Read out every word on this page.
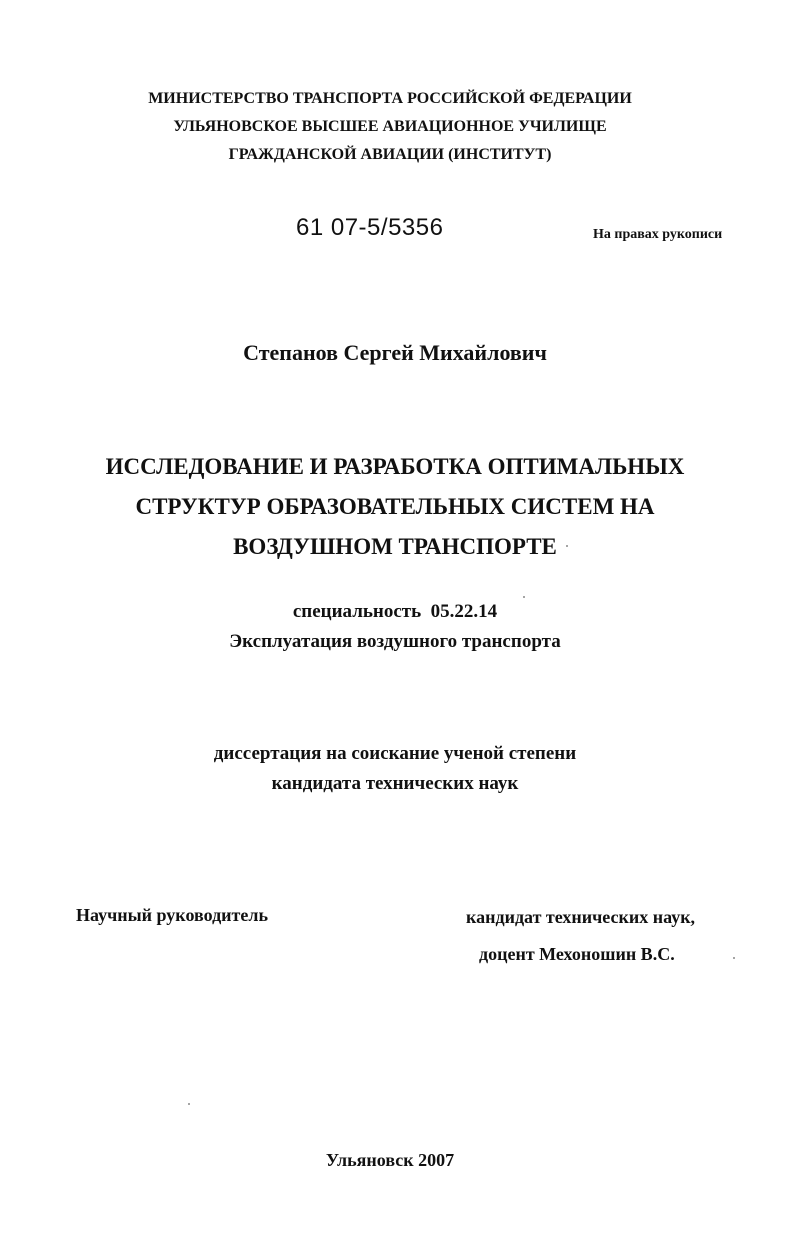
МИНИСТЕРСТВО ТРАНСПОРТА РОССИЙСКОЙ ФЕДЕРАЦИИ
УЛЬЯНОВСКОЕ ВЫСШЕЕ АВИАЦИОННОЕ УЧИЛИЩЕ
ГРАЖДАНСКОЙ АВИАЦИИ (ИНСТИТУТ)
61 07-5/5356	На правах рукописи
Степанов Сергей Михайлович
ИССЛЕДОВАНИЕ И РАЗРАБОТКА ОПТИМАЛЬНЫХ
СТРУКТУР ОБРАЗОВАТЕЛЬНЫХ СИСТЕМ НА
ВОЗДУШНОМ ТРАНСПОРТЕ
специальность  05.22.14
Эксплуатация воздушного транспорта
диссертация на соискание ученой степени
кандидата технических наук
Научный руководитель	кандидат технических наук,
доцент Мехоношин В.С.
Ульяновск 2007
